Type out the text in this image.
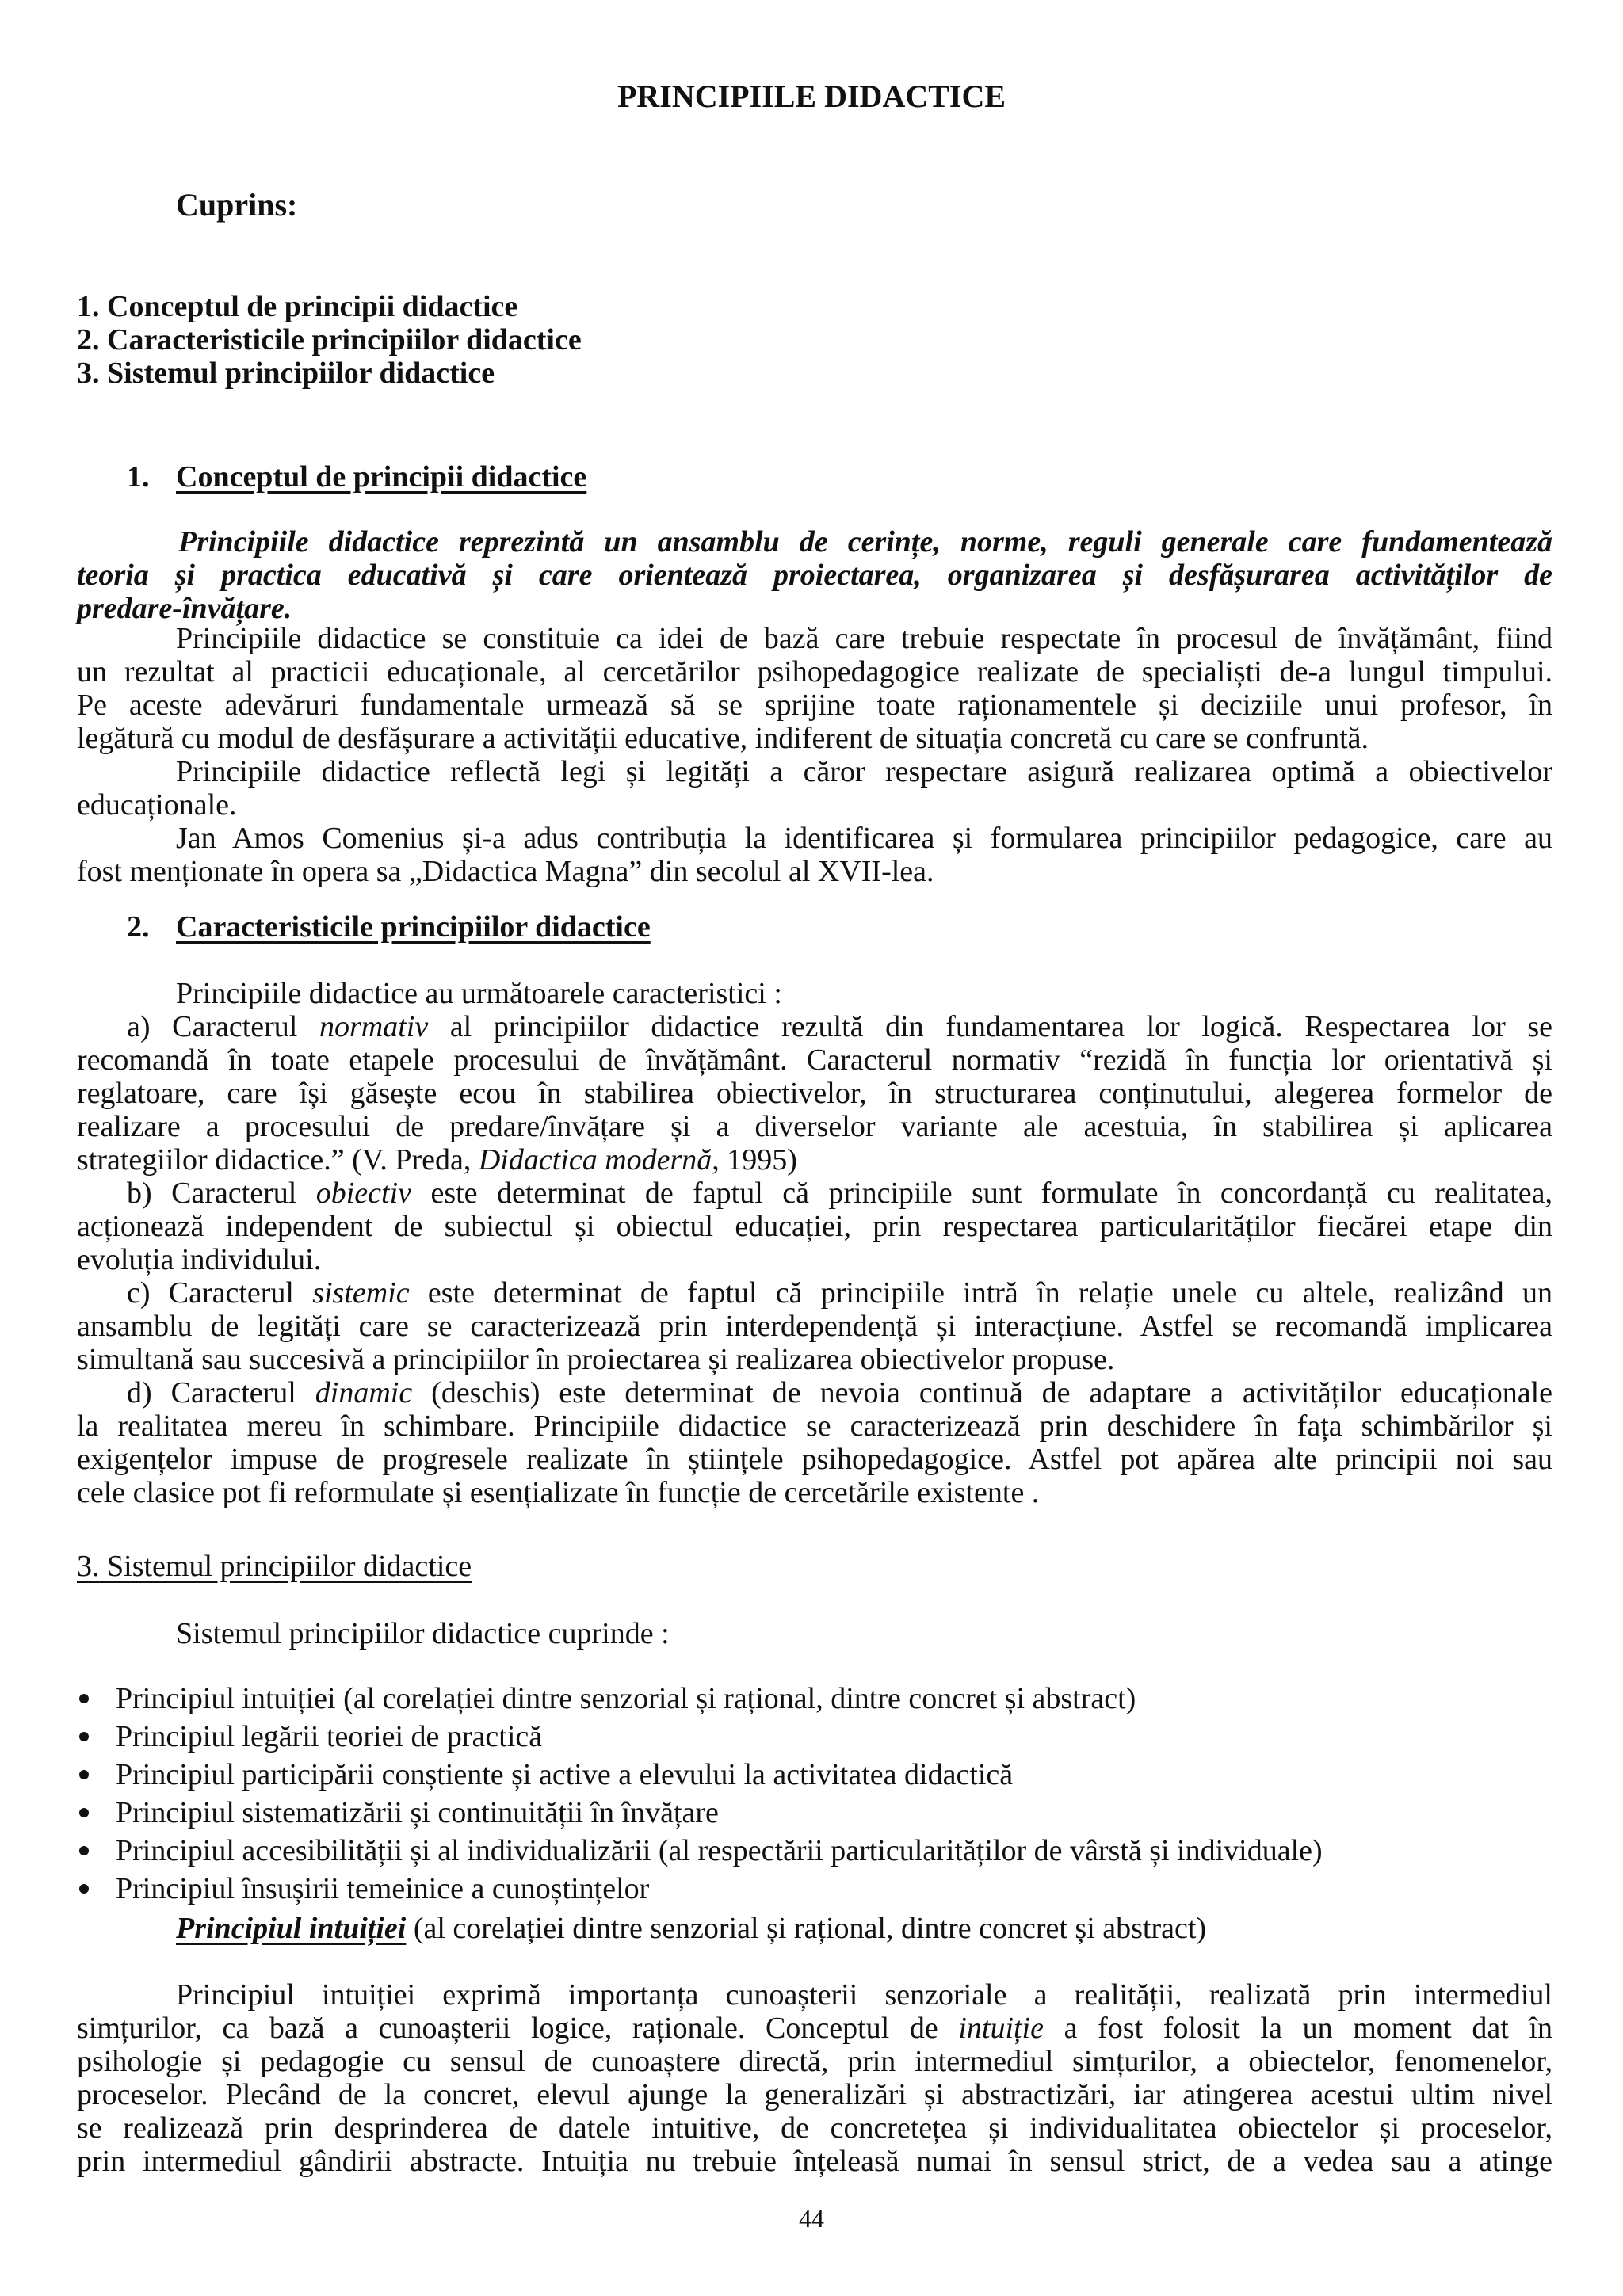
PRINCIPIILE DIDACTICE

Cuprins:

1. Conceptul de principii didactice

2. Caracteristicile principiilor didactice

3. Sistemul principiilor didactice

1. Conceptul de principii didactice

Principiile didactice reprezintă un ansamblu de cerințe, norme, reguli generale care fundamentează
teoria și practica educativă și care orientează proiectarea, organizarea și desfășurarea activităților de
predare-învățare.
Principiile didactice se constituie ca idei de bază care trebuie respectate în procesul de învățământ, fiind
un rezultat al practicii educaționale, al cercetărilor psihopedagogice realizate de specialiști de-a lungul timpului.
Pe aceste adevăruri fundamentale urmează să se sprijine toate raționamentele și deciziile unui profesor, în
legătură cu modul de desfășurare a activității educative, indiferent de situația concretă cu care se confruntă.
Principiile didactice reflectă legi și legități a căror respectare asigură realizarea optimă a obiectivelor
educaționale.
Jan Amos Comenius și-a adus contribuția la identificarea și formularea principiilor pedagogice, care au
fost menționate în opera sa „Didactica Magna” din secolul al XVII-lea.

2. Caracteristicile principiilor didactice

Principiile didactice au următoarele caracteristici :

a) Caracterul normativ al principiilor didactice rezultă din fundamentarea lor logică. Respectarea lor se
recomandă în toate etapele procesului de învățământ. Caracterul normativ “rezidă în funcția lor orientativă și
reglatoare, care își găsește ecou în stabilirea obiectivelor, în structurarea conținutului, alegerea formelor de
realizare a procesului de predare/învățare și a diverselor variante ale acestuia, în stabilirea și aplicarea
strategiilor didactice.” (V. Preda, Didactica modernă, 1995)
b) Caracterul obiectiv este determinat de faptul că principiile sunt formulate în concordanță cu realitatea,
acționează independent de subiectul și obiectul educației, prin respectarea particularităților fiecărei etape din
evoluția individului.
c) Caracterul sistemic este determinat de faptul că principiile intră în relație unele cu altele, realizând un
ansamblu de legități care se caracterizează prin interdependență și interacțiune. Astfel se recomandă implicarea
simultană sau succesivă a principiilor în proiectarea și realizarea obiectivelor propuse.
d) Caracterul dinamic (deschis) este determinat de nevoia continuă de adaptare a activităților educaționale
la realitatea mereu în schimbare. Principiile didactice se caracterizează prin deschidere în fața schimbărilor și
exigențelor impuse de progresele realizate în științele psihopedagogice. Astfel pot apărea alte principii noi sau
cele clasice pot fi reformulate și esențializate în funcție de cercetările existente .

3. Sistemul principiilor didactice

Sistemul principiilor didactice cuprinde :

Principiul intuiției (al corelației dintre senzorial și rațional, dintre concret și abstract)

Principiul legării teoriei de practică

Principiul participării conștiente și active a elevului la activitatea didactică

Principiul sistematizării și continuității în învățare

Principiul accesibilității și al individualizării (al respectării particularităților de vârstă și individuale)

Principiul însușirii temeinice a cunoștințelor

Principiul intuiției (al corelației dintre senzorial și rațional, dintre concret și abstract)

Principiul intuiției exprimă importanța cunoașterii senzoriale a realității, realizată prin intermediul
simțurilor, ca bază a cunoașterii logice, raționale. Conceptul de intuiție a fost folosit la un moment dat în
psihologie și pedagogie cu sensul de cunoaștere directă, prin intermediul simțurilor, a obiectelor, fenomenelor,
proceselor. Plecând de la concret, elevul ajunge la generalizări și abstractizări, iar atingerea acestui ultim nivel
se realizează prin desprinderea de datele intuitive, de concretețea și individualitatea obiectelor și proceselor,
prin intermediul gândirii abstracte. Intuiția nu trebuie înțeleasă numai în sensul strict, de a vedea sau a atinge

44
